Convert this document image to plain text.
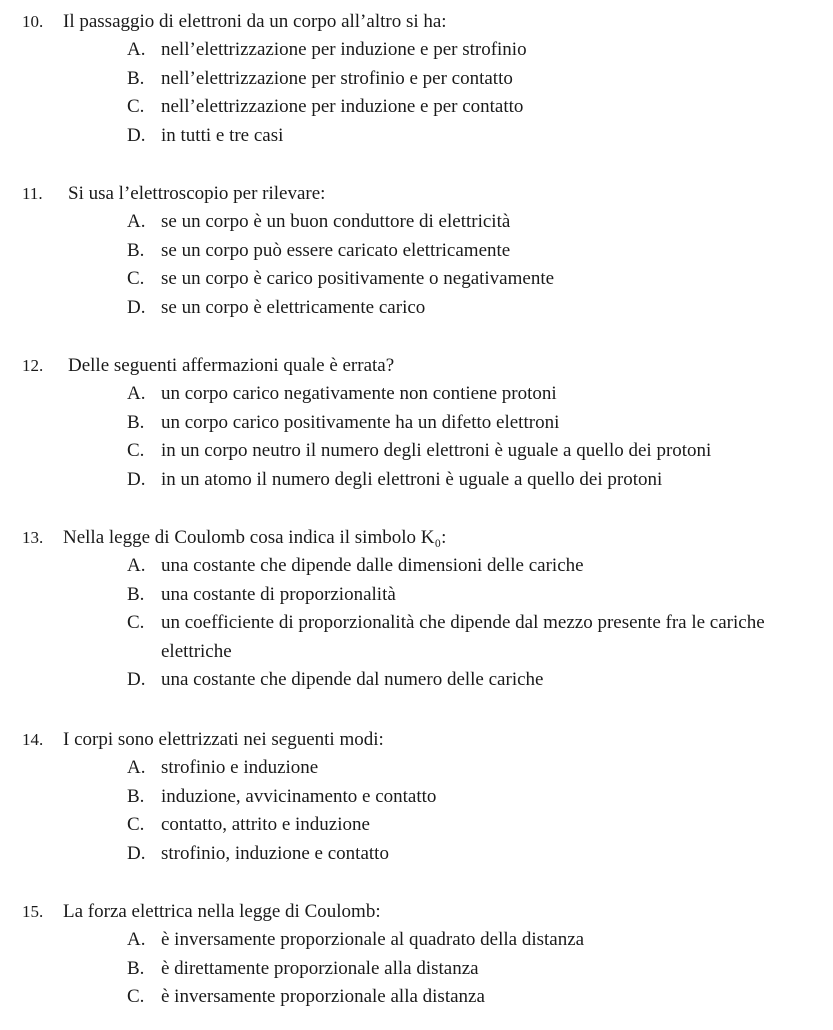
10. Il passaggio di elettroni da un corpo all’altro si ha:
A. nell’elettrizzazione per induzione e per strofinio
B. nell’elettrizzazione per strofinio e per contatto
C. nell’elettrizzazione per induzione e per contatto
D. in tutti e tre casi
11. Si usa l’elettroscopio per rilevare:
A. se un corpo è un buon conduttore di elettricità
B. se un corpo può essere caricato elettricamente
C. se un corpo è carico positivamente o negativamente
D. se un corpo è elettricamente carico
12. Delle seguenti affermazioni quale è errata?
A. un corpo carico negativamente non contiene protoni
B. un corpo carico positivamente ha un difetto elettroni
C. in un corpo neutro il numero degli elettroni è uguale a quello dei protoni
D. in un atomo il numero degli elettroni è uguale a quello dei protoni
13. Nella legge di Coulomb cosa indica il simbolo K₀:
A. una costante che dipende dalle dimensioni delle cariche
B. una costante di proporzionalità
C. un coefficiente di proporzionalità che dipende dal mezzo presente fra le cariche elettriche
D. una costante che dipende dal numero delle cariche
14. I corpi sono elettrizzati nei seguenti modi:
A. strofinio e induzione
B. induzione, avvicinamento e contatto
C. contatto, attrito e induzione
D. strofinio, induzione e contatto
15. La forza elettrica nella legge di Coulomb:
A. è inversamente proporzionale al quadrato della distanza
B. è direttamente proporzionale alla distanza
C. è inversamente proporzionale alla distanza
